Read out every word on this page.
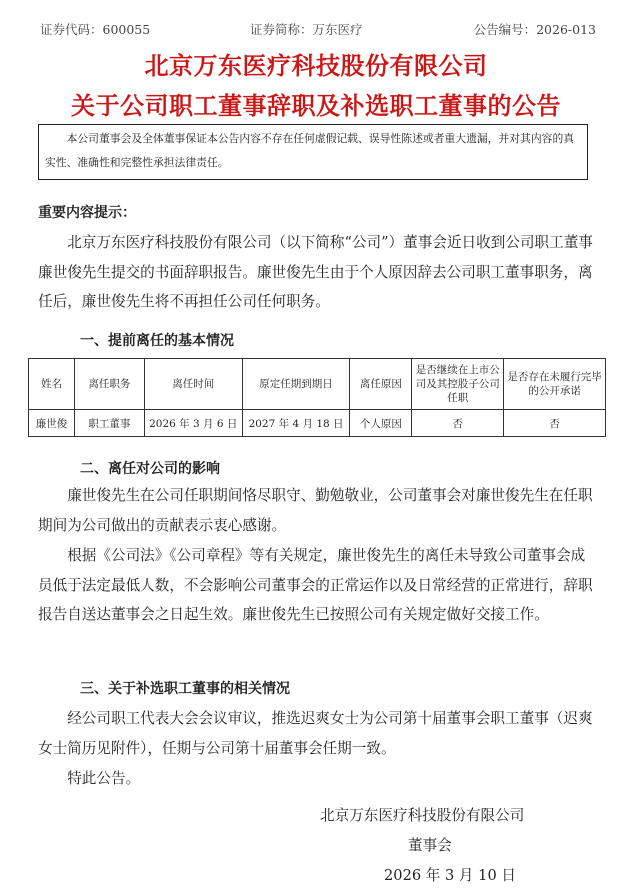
证券代码：600055	证券简称：万东医疗	公告编号：2026-013
北京万东医疗科技股份有限公司
关于公司职工董事辞职及补选职工董事的公告

本公司董事会及全体董事保证本公告内容不存在任何虚假记载、误导性陈述或者重大遗漏，并对其内容的真实性、准确性和完整性承担法律责任。

重要内容提示：

北京万东医疗科技股份有限公司（以下简称“公司”）董事会近日收到公司职工董事廉世俊先生提交的书面辞职报告。廉世俊先生由于个人原因辞去公司职工董事职务，离任后，廉世俊先生将不再担任公司任何职务。

一、提前离任的基本情况
姓名	离任职务	离任时间	原定任期到期日	离任原因	是否继续在上市公司及其控股子公司任职	是否存在未履行完毕的公开承诺
廉世俊	职工董事	2026 年 3 月 6 日	2027 年 4 月 18 日	个人原因	否	否
二、离任对公司的影响

廉世俊先生在公司任职期间恪尽职守、勤勉敬业，公司董事会对廉世俊先生在任职期间为公司做出的贡献表示衷心感谢。

根据《公司法》《公司章程》等有关规定，廉世俊先生的离任未导致公司董事会成员低于法定最低人数，不会影响公司董事会的正常运作以及日常经营的正常进行，辞职报告自送达董事会之日起生效。廉世俊先生已按照公司有关规定做好交接工作。

三、关于补选职工董事的相关情况

经公司职工代表大会会议审议，推选迟爽女士为公司第十届董事会职工董事（迟爽女士简历见附件），任期与公司第十届董事会任期一致。

特此公告。

北京万东医疗科技股份有限公司
董事会
2026 年 3 月 10 日
